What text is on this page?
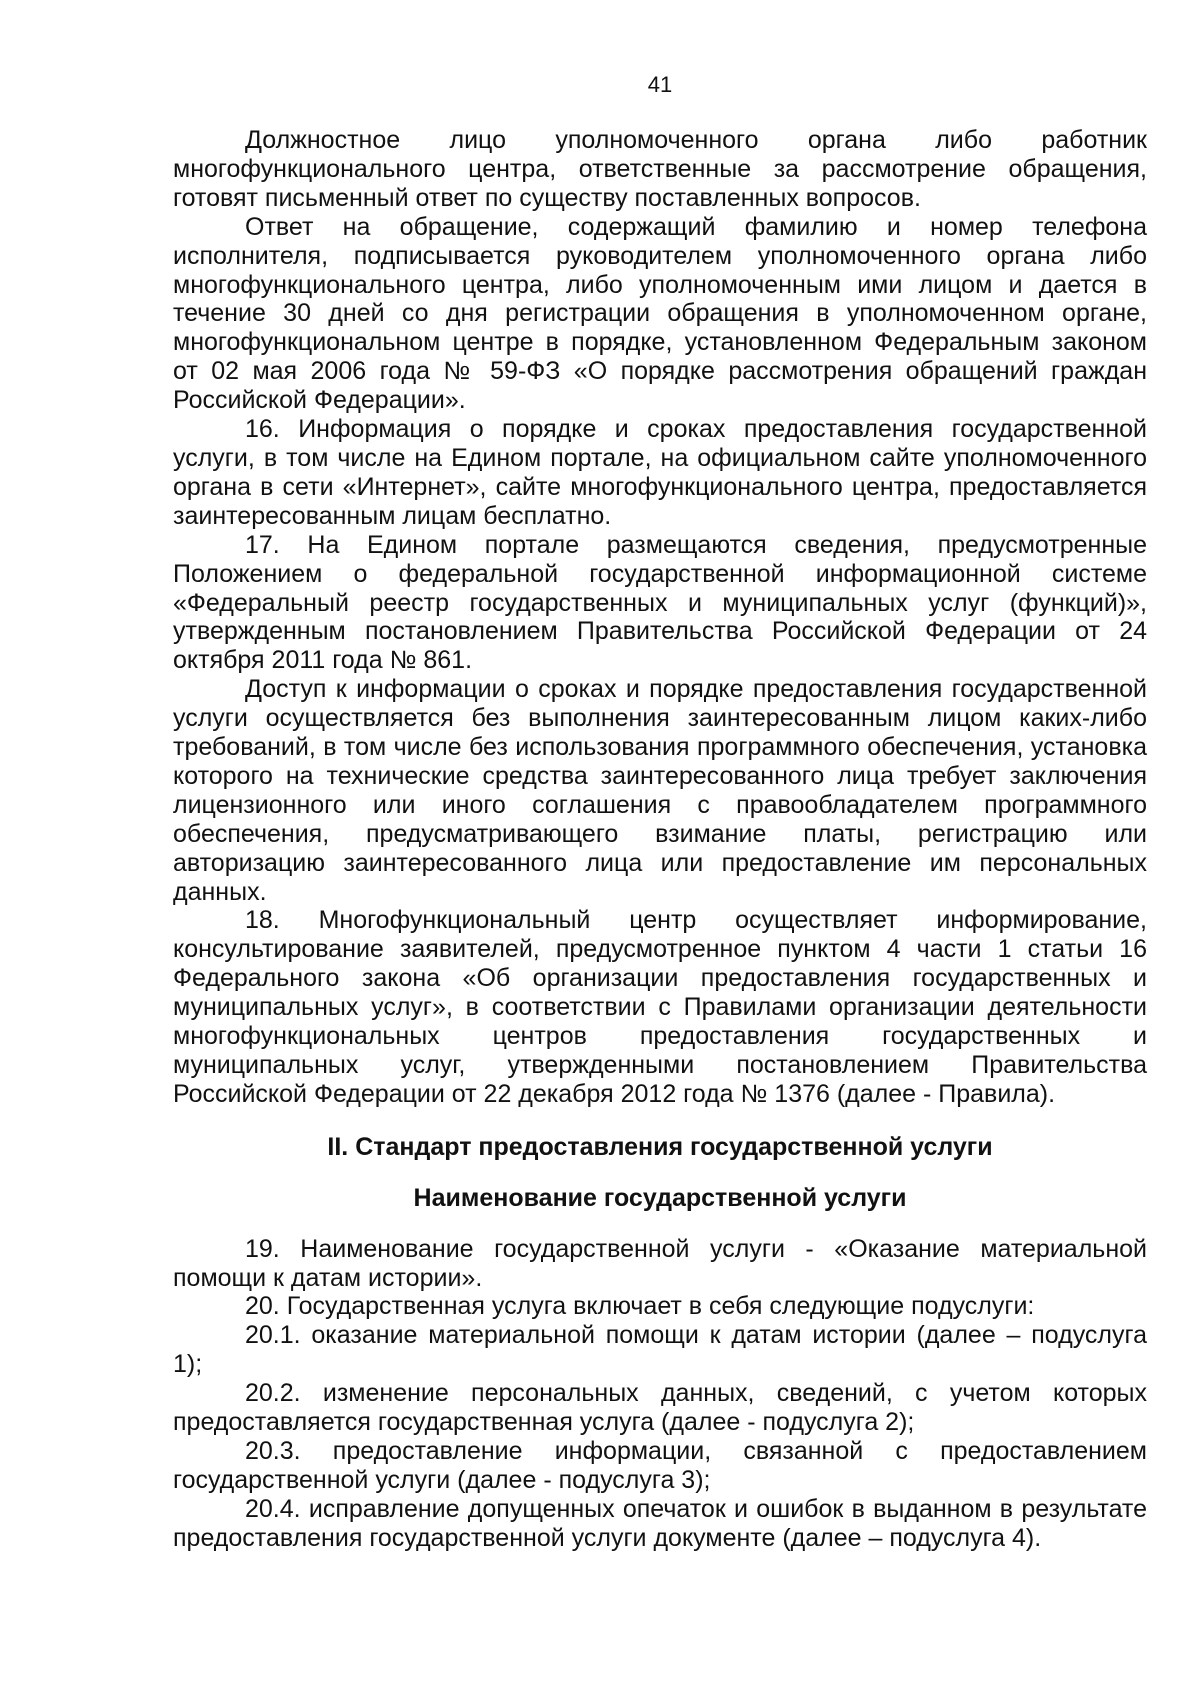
41

Должностное лицо уполномоченного органа либо работник многофункционального центра, ответственные за рассмотрение обращения, готовят письменный ответ по существу поставленных вопросов.

Ответ на обращение, содержащий фамилию и номер телефона исполнителя, подписывается руководителем уполномоченного органа либо многофункционального центра, либо уполномоченным ими лицом и дается в течение 30 дней со дня регистрации обращения в уполномоченном органе, многофункциональном центре в порядке, установленном Федеральным законом от 02 мая 2006 года № 59-ФЗ «О порядке рассмотрения обращений граждан Российской Федерации».

16. Информация о порядке и сроках предоставления государственной услуги, в том числе на Едином портале, на официальном сайте уполномоченного органа в сети «Интернет», сайте многофункционального центра, предоставляется заинтересованным лицам бесплатно.

17. На Едином портале размещаются сведения, предусмотренные Положением о федеральной государственной информационной системе «Федеральный реестр государственных и муниципальных услуг (функций)», утвержденным постановлением Правительства Российской Федерации от 24 октября 2011 года № 861.

Доступ к информации о сроках и порядке предоставления государственной услуги осуществляется без выполнения заинтересованным лицом каких-либо требований, в том числе без использования программного обеспечения, установка которого на технические средства заинтересованного лица требует заключения лицензионного или иного соглашения с правообладателем программного обеспечения, предусматривающего взимание платы, регистрацию или авторизацию заинтересованного лица или предоставление им персональных данных.

18. Многофункциональный центр осуществляет информирование, консультирование заявителей, предусмотренное пунктом 4 части 1 статьи 16 Федерального закона «Об организации предоставления государственных и муниципальных услуг», в соответствии с Правилами организации деятельности многофункциональных центров предоставления государственных и муниципальных услуг, утвержденными постановлением Правительства Российской Федерации от 22 декабря 2012 года № 1376 (далее - Правила).

II. Стандарт предоставления государственной услуги

Наименование государственной услуги

19. Наименование государственной услуги - «Оказание материальной помощи к датам истории».

20. Государственная услуга включает в себя следующие подуслуги:

20.1. оказание материальной помощи к датам истории (далее – подуслуга 1);

20.2. изменение персональных данных, сведений, с учетом которых предоставляется государственная услуга (далее - подуслуга 2);

20.3. предоставление информации, связанной с предоставлением государственной услуги (далее - подуслуга 3);

20.4. исправление допущенных опечаток и ошибок в выданном в результате предоставления государственной услуги документе (далее – подуслуга 4).
